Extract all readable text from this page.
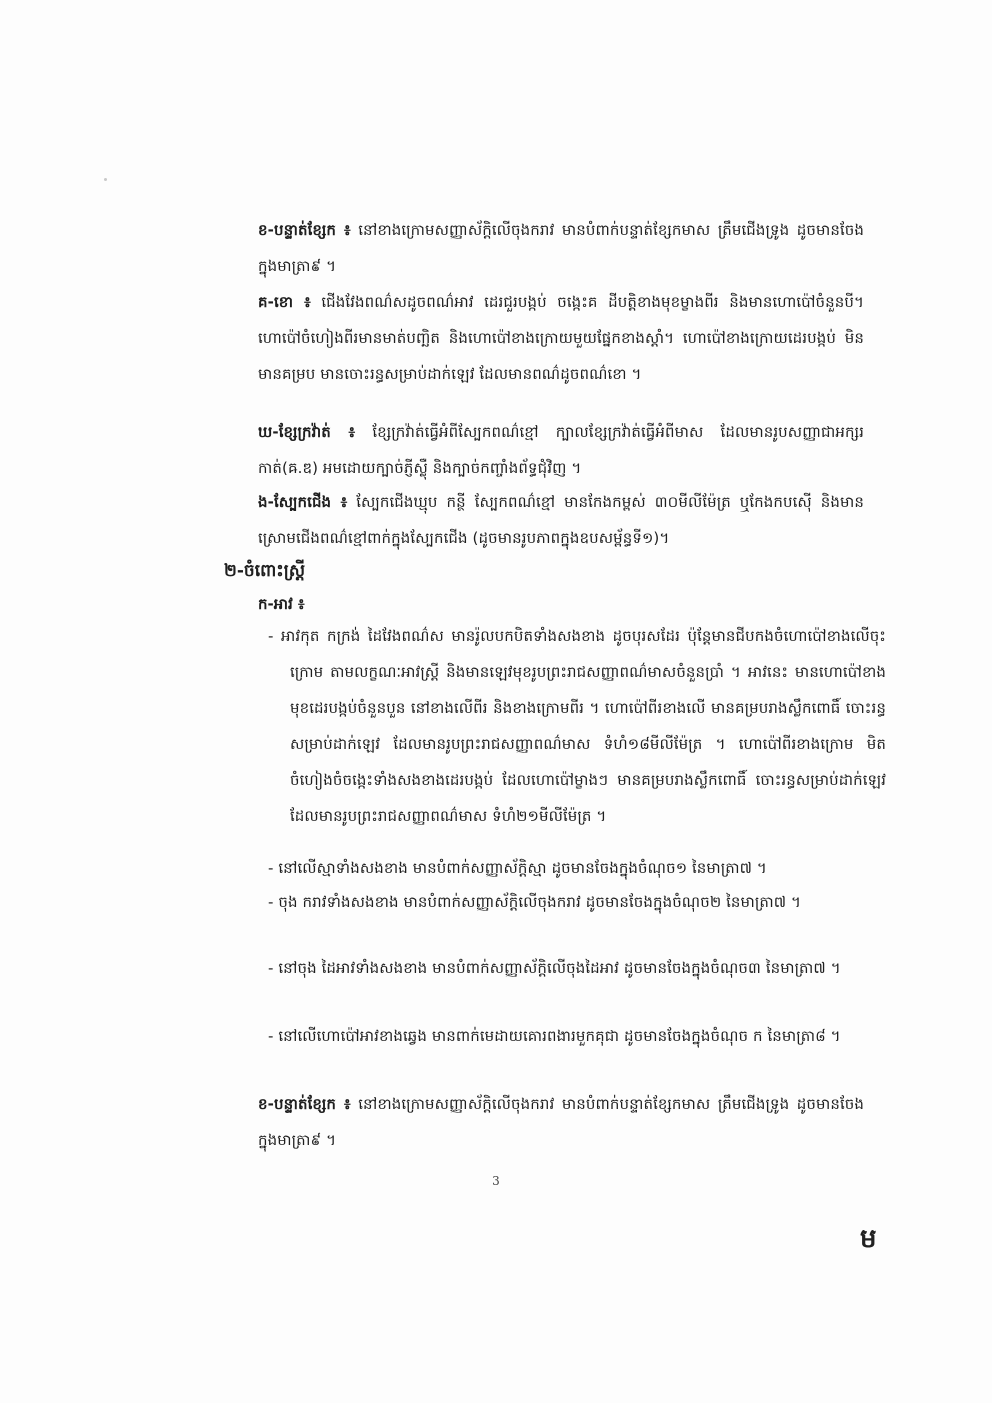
ខ-បន្ទាត់ខ្សែក ៖ នៅខាងក្រោមសញ្ញាស័ក្តិលើចុងករាវ មានបំពាក់បន្ទាត់ខ្សែកមាស ត្រឹមជើងទ្រូង ដូចមានចែងក្នុងមាត្រា៩ ។
គ-ខោ ៖ ជើងវែងពណ៌សដូចពណ៌អាវ ដេរជួរបង្កប់ ចង្កេះគ ដីបត្តិខាងមុខម្ខាងពីរ និងមានហោប៉ៅចំនួនបី។ ហោប៉ៅចំហៀងពីរមានមាត់បញ្ឆិត និងហោប៉ៅខាងក្រោយមួយផ្នែកខាងស្តាំ។ ហោប៉ៅខាងក្រោយដេរបង្កប់ មិនមានគម្រប មានចោះរន្ធសម្រាប់ដាក់ឡេវ ដែលមានពណ៌ដូចពណ៌ខោ ។
ឃ-ខ្សែក្រវ៉ាត់ ៖ ខ្សែក្រវ៉ាត់ធ្វើអំពីស្បែកពណ៌ខ្មៅ ក្បាលខ្សែក្រវ៉ាត់ធ្វើអំពីមាស ដែលមានរូបសញ្ញាជាអក្សរកាត់(ឝ.ឌ) អមដោយក្បាច់ភ្ញីស្ល៉ឺ និងក្បាច់កញ្ចាំងព័ទ្ធជុំវិញ ។
ង-ស្បែកជើង ៖ ស្បែកជើងឃ្មុប កន្ថី ស្បែកពណ៌ខ្មៅ មានកែងកម្ពស់ ៣០មីលីម៉ែត្រ ឬកែងកបស៊ើ និងមានស្រោមជើងពណ៌ខ្មៅពាក់ក្នុងស្បែកជើង (ដូចមានរូបភាពក្នុងឧបសម្ព័ន្ធទី១)។
២-ចំពោះស្ត្រី
ក-អាវ ៖
- អាវកុត កក្រង់ ដៃវែងពណ៌ស មានរ៉ូលបកបិតទាំងសងខាង ដូចបុរសដែរ ប៉ុន្តែមានជីបកងចំហោប៉ៅខាងលើចុះក្រោម តាមលក្ខណៈអាវស្ត្រី និងមានឡេវមុខរូបព្រះរាជសញ្ញាពណ៌មាសចំនួនប្រាំ ។ អាវនេះ មានហោប៉ៅខាងមុខដេរបង្កប់ចំនួនបួន នៅខាងលើពីរ និងខាងក្រោមពីរ ។ ហោប៉ៅពីរខាងលើ មានគម្របរាងស្លឹកពោធិ៍ ចោះរន្ធសម្រាប់ដាក់ឡេវ ដែលមានរូបព្រះរាជសញ្ញាពណ៌មាស ទំហំ១៨មីលីម៉ែត្រ ។ ហោប៉ៅពីរខាងក្រោម មិតចំហៀងចំចង្កេះទាំងសងខាងដេរបង្កប់ ដែលហោប៉ៅម្ខាងៗ មានគម្របរាងស្លឹកពោធិ៍ ចោះរន្ធសម្រាប់ដាក់ឡេវ ដែលមានរូបព្រះរាជសញ្ញាពណ៌មាស ទំហំ២១មីលីម៉ែត្រ ។
- នៅលើស្មាទាំងសងខាង មានបំពាក់សញ្ញាស័ក្តិស្មា ដូចមានចែងក្នុងចំណុច១ នៃមាត្រា៧ ។
- ចុង ករាវទាំងសងខាង មានបំពាក់សញ្ញាស័ក្តិលើចុងករាវ ដូចមានចែងក្នុងចំណុច២ នៃមាត្រា៧ ។
- នៅចុង ដៃអាវទាំងសងខាង មានបំពាក់សញ្ញាស័ក្តិលើចុងដៃអាវ ដូចមានចែងក្នុងចំណុច៣ នៃមាត្រា៧ ។
- នៅលើហោប៉ៅអាវខាងឆ្វេង មានពាក់មេដាយគោរពងារមួកគុជា ដូចមានចែងក្នុងចំណុច ក នៃមាត្រា៨ ។
ខ-បន្ទាត់ខ្សែក ៖ នៅខាងក្រោមសញ្ញាស័ក្តិលើចុងករាវ មានបំពាក់បន្ទាត់ខ្សែកមាស ត្រឹមជើងទ្រូង ដូចមានចែងក្នុងមាត្រា៩ ។
3
ម
